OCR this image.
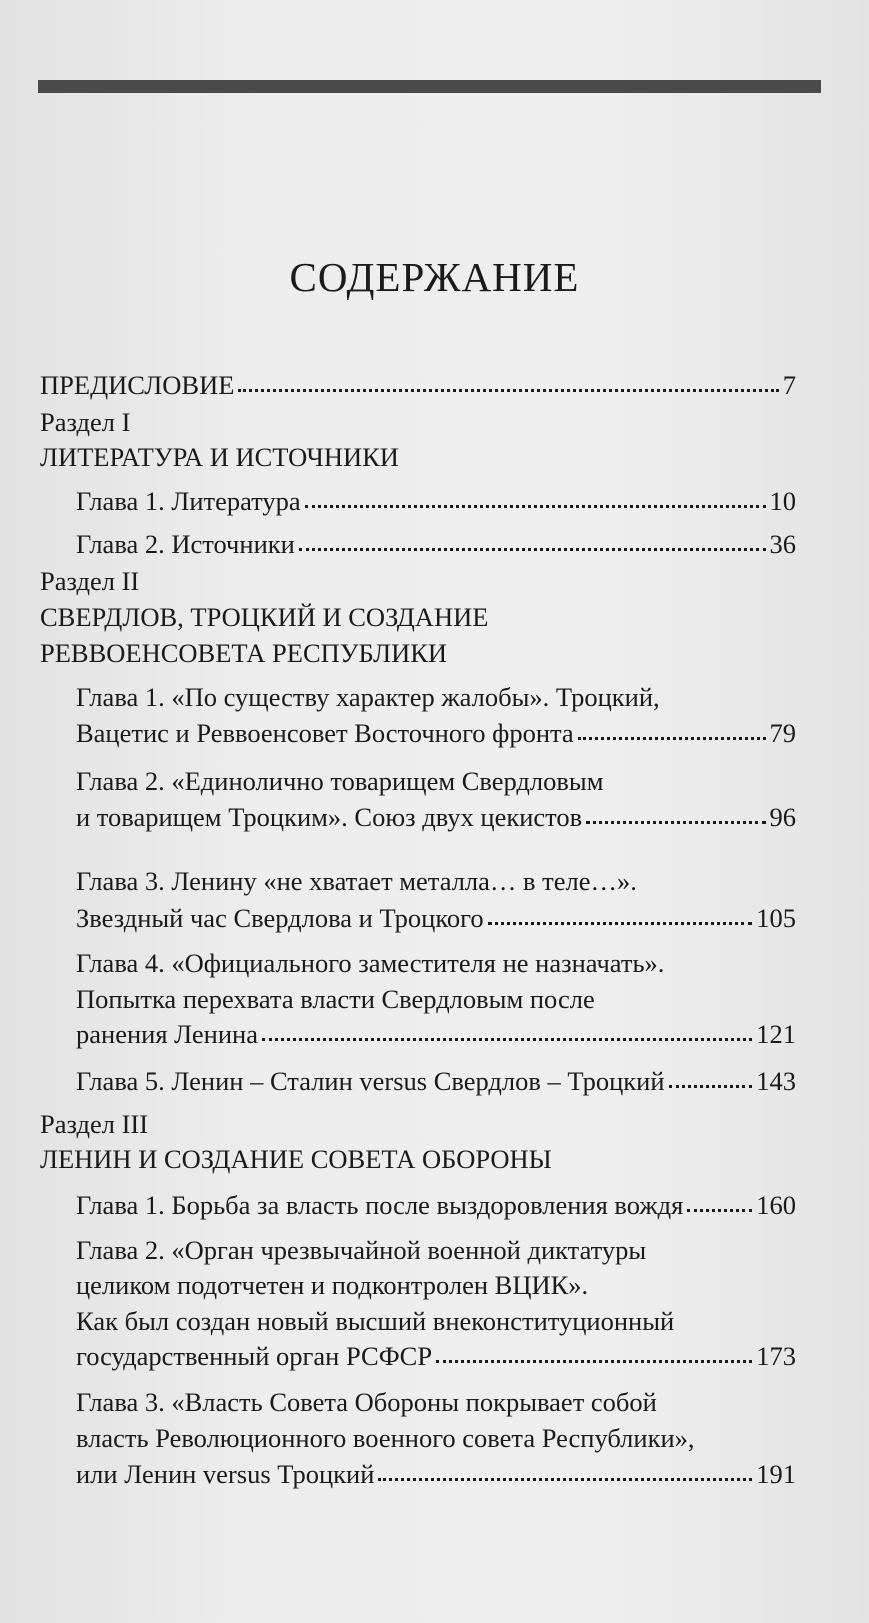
СОДЕРЖАНИЕ
ПРЕДИСЛОВИЕ	7
Раздел I
ЛИТЕРАТУРА И ИСТОЧНИКИ
Глава 1. Литература	10
Глава 2. Источники	36
Раздел II
СВЕРДЛОВ, ТРОЦКИЙ И СОЗДАНИЕ
РЕВВОЕНСОВЕТА РЕСПУБЛИКИ
Глава 1. «По существу характер жалобы». Троцкий,
Вацетис и Реввоенсовет Восточного фронта	79
Глава 2. «Единолично товарищем Свердловым
и товарищем Троцким». Союз двух цекистов	96
Глава 3. Ленину «не хватает металла… в теле…».
Звездный час Свердлова и Троцкого	105
Глава 4. «Официального заместителя не назначать».
Попытка перехвата власти Свердловым после
ранения Ленина	121
Глава 5. Ленин – Сталин versus Свердлов – Троцкий	143
Раздел III
ЛЕНИН И СОЗДАНИЕ СОВЕТА ОБОРОНЫ
Глава 1. Борьба за власть после выздоровления вождя	160
Глава 2. «Орган чрезвычайной военной диктатуры
целиком подотчетен и подконтролен ВЦИК».
Как был создан новый высший внеконституционный
государственный орган РСФСР	173
Глава 3. «Власть Совета Обороны покрывает собой
власть Революционного военного совета Республики»,
или Ленин versus Троцкий	191
